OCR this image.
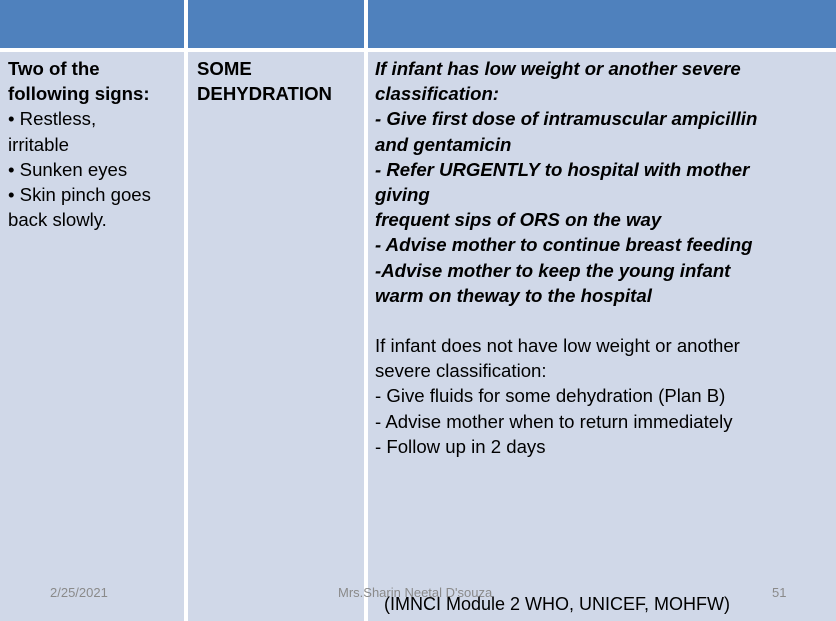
Two of the
following signs:
• Restless,
irritable
• Sunken eyes
• Skin pinch goes
back slowly.
SOME
DEHYDRATION
If infant has low weight or another severe
classification:
- Give first dose of intramuscular ampicillin
and gentamicin
- Refer URGENTLY to hospital with mother
giving
frequent sips of ORS on the way
- Advise mother to continue breast feeding
-Advise mother to keep the young infant
warm on theway to the hospital
If infant does not have low weight or another
severe classification:
- Give fluids for some dehydration (Plan B)
- Advise mother when to return immediately
- Follow up in 2 days
2/25/2021	Mrs.Sharin Neetal D'souza	51
(IMNCI Module 2 WHO, UNICEF, MOHFW)
